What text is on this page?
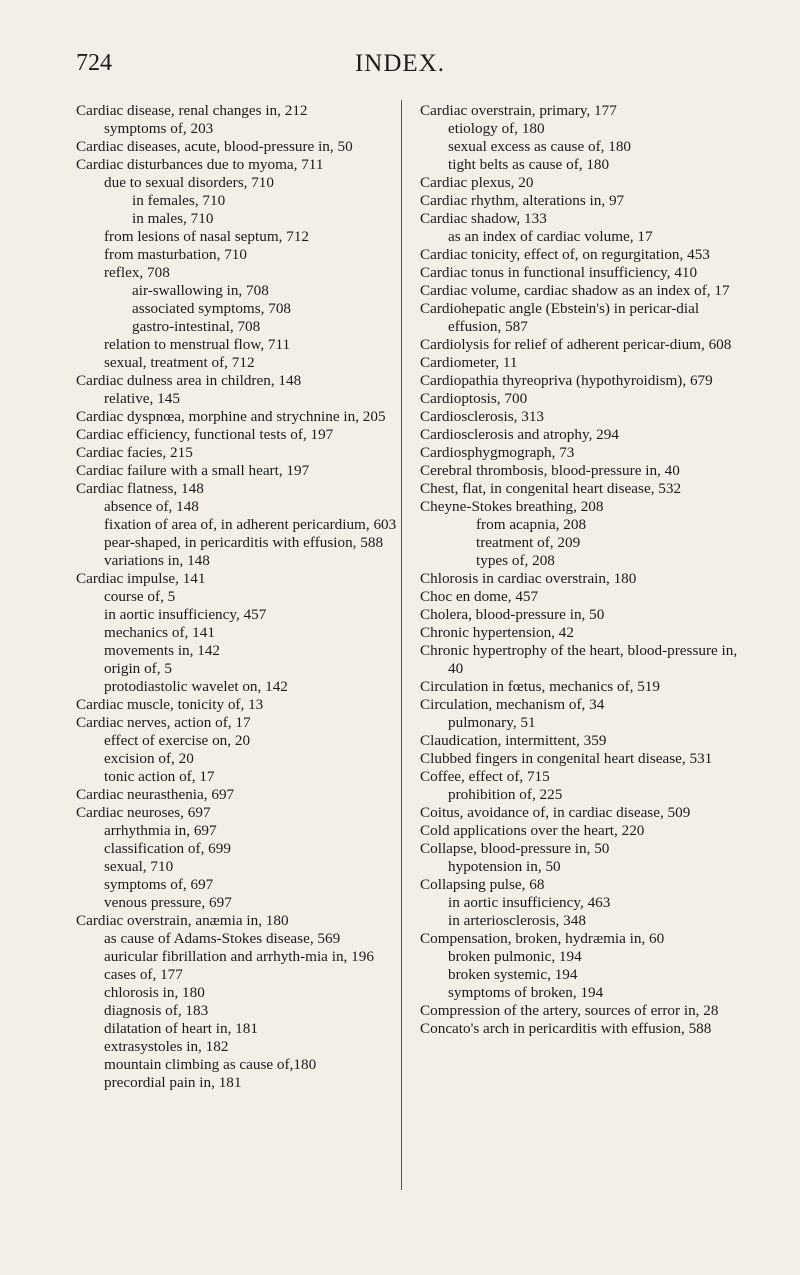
INDEX.
724

Cardiac disease, renal changes in, 212

symptoms of, 203

Cardiac diseases, acute, blood-pressure in, 50

Cardiac disturbances due to myoma, 711

due to sexual disorders, 710

in females, 710

in males, 710

from lesions of nasal septum, 712

from masturbation, 710

reflex, 708

air-swallowing in, 708

associated symptoms, 708

gastro-intestinal, 708

relation to menstrual flow, 711

sexual, treatment of, 712

Cardiac dulness area in children, 148

relative, 145

Cardiac dyspnœa, morphine and strychnine in, 205

Cardiac efficiency, functional tests of, 197

Cardiac facies, 215

Cardiac failure with a small heart, 197

Cardiac flatness, 148

absence of, 148

fixation of area of, in adherent pericardium, 603

pear-shaped, in pericarditis with effusion, 588

variations in, 148

Cardiac impulse, 141

course of, 5

in aortic insufficiency, 457

mechanics of, 141

movements in, 142

origin of, 5

protodiastolic wavelet on, 142

Cardiac muscle, tonicity of, 13

Cardiac nerves, action of, 17

effect of exercise on, 20

excision of, 20

tonic action of, 17

Cardiac neurasthenia, 697

Cardiac neuroses, 697

arrhythmia in, 697

classification of, 699

sexual, 710

symptoms of, 697

venous pressure, 697

Cardiac overstrain, anæmia in, 180

as cause of Adams-Stokes disease, 569

auricular fibrillation and arrhyth-mia in, 196

cases of, 177

chlorosis in, 180

diagnosis of, 183

dilatation of heart in, 181

extrasystoles in, 182

mountain climbing as cause of,180

precordial pain in, 181

Cardiac overstrain, primary, 177

etiology of, 180

sexual excess as cause of, 180

tight belts as cause of, 180

Cardiac plexus, 20

Cardiac rhythm, alterations in, 97

Cardiac shadow, 133

as an index of cardiac volume, 17

Cardiac tonicity, effect of, on regurgitation, 453

Cardiac tonus in functional insufficiency, 410

Cardiac volume, cardiac shadow as an index of, 17

Cardiohepatic angle (Ebstein's) in pericar-dial effusion, 587

Cardiolysis for relief of adherent pericar-dium, 608

Cardiometer, 11

Cardiopathia thyreopriva (hypothyroidism), 679

Cardioptosis, 700

Cardiosclerosis, 313

Cardiosclerosis and atrophy, 294

Cardiosphygmograph, 73

Cerebral thrombosis, blood-pressure in, 40

Chest, flat, in congenital heart disease, 532

Cheyne-Stokes breathing, 208

from acapnia, 208

treatment of, 209

types of, 208

Chlorosis in cardiac overstrain, 180

Choc en dome, 457

Cholera, blood-pressure in, 50

Chronic hypertension, 42

Chronic hypertrophy of the heart, blood-pressure in, 40

Circulation in fœtus, mechanics of, 519

Circulation, mechanism of, 34

pulmonary, 51

Claudication, intermittent, 359

Clubbed fingers in congenital heart disease, 531

Coffee, effect of, 715

prohibition of, 225

Coitus, avoidance of, in cardiac disease, 509

Cold applications over the heart, 220

Collapse, blood-pressure in, 50

hypotension in, 50

Collapsing pulse, 68

in aortic insufficiency, 463

in arteriosclerosis, 348

Compensation, broken, hydræmia in, 60

broken pulmonic, 194

broken systemic, 194

symptoms of broken, 194

Compression of the artery, sources of error in, 28

Concato's arch in pericarditis with effusion, 588
